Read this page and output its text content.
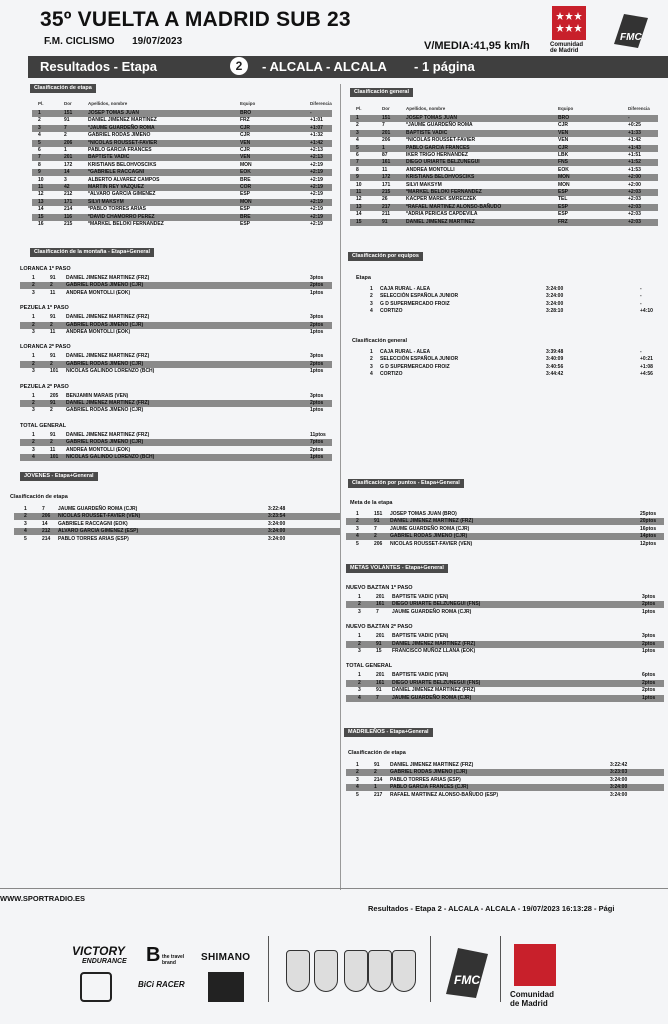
35º VUELTA A MADRID SUB 23
F.M. CICLISMO 19/07/2023	V/MEDIA:41,95 km/h	Comunidad
de Madrid
FMC
Resultados - Etapa	2	- ALCALA - ALCALA - 1 página
Clasificación de etapa
Pl.	Dor	Apellidos, nombre	Equipo	Diferencia
1	151	JOSEP TOMAS JUAN	BRO	-
2	91	DANIEL JIMENEZ MARTINEZ	FRZ	+1:01
3	7	*JAUME GUARDEÑO ROMA	CJR	+1:07
4	2	GABRIEL RODAS JIMENO	CJR	+1:32
5	206	*NICOLAS ROUSSET-FAVIER	VEN	+1:42
6	1	PABLO GARCIA FRANCES	CJR	+2:13
7	201	BAPTISTE VADIC	VEN	+2:13
8	172	KRISTIANS BELOHVOSCIKS	MON	+2:19
9	14	*GABRIELE RACCAGNI	EOK	+2:19
10	3	ALBERTO ALVAREZ CAMPOS	BRE	+2:19
11	42	MARTIN REY VAZQUEZ	COR	+2:19
12	212	*ALVARO GARCIA GIMENEZ	ESP	+2:19
13	171	SILVI MAKSYM	MON	+2:19
14	214	*PABLO TORRES ARIAS	ESP	+2:19
15	116	*DAVID CHAMORRO PEREZ	BRE	+2:19
16	215	*MARKEL BELOKI FERNANDEZ	ESP	+2:19
Clasificación general
Pl.	Dor	Apellidos, nombre	Equipo	Diferencia
1	151	JOSEP TOMAS JUAN	BRO	-
2	7	*JAUME GUARDEÑO ROMA	CJR	+0:25
3	201	BAPTISTE VADIC	VEN	+1:33
4	206	*NICOLAS ROUSSET-FAVIER	VEN	+1:42
5	1	PABLO GARCIA FRANCES	CJR	+1:43
6	87	IKER TRIGO HERNANDEZ	LBK	+1:51
7	161	DIEGO URIARTE BELZUNEGUI	FNS	+1:52
8	11	ANDREA MONTOLLI	EOK	+1:53
9	172	KRISTIANS BELOHVOSCIKS	MON	+2:00
10	171	SILVI MAKSYM	MON	+2:00
11	215	*MARKEL BELOKI FERNANDEZ	ESP	+2:03
12	26	KACPER MAREK SMRECZEK	TEL	+2:03
13	217	*RAFAEL MARTINEZ ALONSO-BAÑUDO	ESP	+2:03
14	211	*ADRIA PERICAS CAPDEVILA	ESP	+2:03
15	91	DANIEL JIMENEZ MARTINEZ	FRZ	+2:03
Clasificación de la montaña - Etapa+General
LORANCA 1º PASO
1	91 DANIEL JIMENEZ MARTINEZ (FRZ)	3ptos
2	2	GABRIEL RODAS JIMENO (CJR)	2ptos
3	11 ANDREA MONTOLLI (EOK)	1ptos
PEZUELA 1º PASO
1	91 DANIEL JIMENEZ MARTINEZ (FRZ)	3ptos
2	2	GABRIEL RODAS JIMENO (CJR)	2ptos
3	11 ANDREA MONTOLLI (EOK)	1ptos
LORANCA 2º PASO
1	91 DANIEL JIMENEZ MARTINEZ (FRZ)	3ptos
2	2	GABRIEL RODAS JIMENO (CJR)	2ptos
3	101 NICOLAS GALINDO LORENZO (BCH)	1ptos
PEZUELA 2º PASO
1	205 BENJAMIN MARAIS (VEN)	3ptos
2	91 DANIEL JIMENEZ MARTINEZ (FRZ)	2ptos
3	2	GABRIEL RODAS JIMENO (CJR)	1ptos
TOTAL GENERAL
1	91 DANIEL JIMENEZ MARTINEZ (FRZ)	11ptos
2	2	GABRIEL RODAS JIMENO (CJR)	7ptos
3	11 ANDREA MONTOLLI (EOK)	2ptos
4	101 NICOLAS GALINDO LORENZO (BCH)	1ptos
JOVENES - Etapa+General
Clasificación de etapa
1	7	JAUME GUARDEÑO ROMA (CJR)	3:22:48
2	206 NICOLAS ROUSSET-FAVIER (VEN)	3:23:54
3	14 GABRIELE RACCAGNI (EOK)	3:24:00
4	212 ALVARO GARCIA GIMENEZ (ESP)	3:24:00
5	214 PABLO TORRES ARIAS (ESP)	3:24:00
Clasificación por equipos
Etapa
1 CAJA RURAL - ALEA	3:24:00	-
2 SELECCIÓN ESPAÑOLA JUNIOR	3:24:00	-
3 G D SUPERMERCADO FROIZ	3:24:00	-
4 CORTIZO	3:28:10	+4:10
Clasificación general
1 CAJA RURAL - ALEA	3:39:48	-
2 SELECCIÓN ESPAÑOLA JUNIOR	3:40:09	+0:21
3 G D SUPERMERCADO FROIZ	3:40:56	+1:08
4 CORTIZO	3:44:42	+4:56
Clasificación por puntos - Etapa+General
Meta de la etapa
1	151 JOSEP TOMAS JUAN (BRO)	25ptos
2	91 DANIEL JIMENEZ MARTINEZ (FRZ)	20ptos
3	7	JAUME GUARDEÑO ROMA (CJR)	16ptos
4	2	GABRIEL RODAS JIMENO (CJR)	14ptos
5	206 NICOLAS ROUSSET-FAVIER (VEN)	12ptos
METAS VOLANTES - Etapa+General
NUEVO BAZTAN 1º PASO
1	201 BAPTISTE VADIC (VEN)	3ptos
2	161 DIEGO URIARTE BELZUNEGUI (FNS)	2ptos
3	7	JAUME GUARDEÑO ROMA (CJR)	1ptos
NUEVO BAZTAN 2º PASO
1	201 BAPTISTE VADIC (VEN)	3ptos
2	91 DANIEL JIMENEZ MARTINEZ (FRZ)	2ptos
3	15 FRANCISCO MUÑOZ LLANA (EOK)	1ptos
TOTAL GENERAL
1	201 BAPTISTE VADIC (VEN)	6ptos
2	161 DIEGO URIARTE BELZUNEGUI (FNS)	2ptos
3	91 DANIEL JIMENEZ MARTINEZ (FRZ)	2ptos
4	7	JAUME GUARDEÑO ROMA (CJR)	1ptos
MADRILEÑOS - Etapa+General
Clasificación de etapa
1	91 DANIEL JIMENEZ MARTINEZ (FRZ)	3:22:42
2	2	GABRIEL RODAS JIMENO (CJR)	3:23:03
3	214 PABLO TORRES ARIAS (ESP)	3:24:00
4	1	PABLO GARCIA FRANCES (CJR)	3:24:00
5	217 RAFAEL MARTINEZ ALONSO-BAÑUDO (ESP)	3:24:00
WWW.SPORTRADIO.ES
Resultados - Etapa 2 - ALCALA - ALCALA - 19/07/2023 16:13:28 - Pági
VICTORY
ENDURANCE B the travel brand	SHIMANO
BiCi RACER	FMC
Comunidad
de Madrid
